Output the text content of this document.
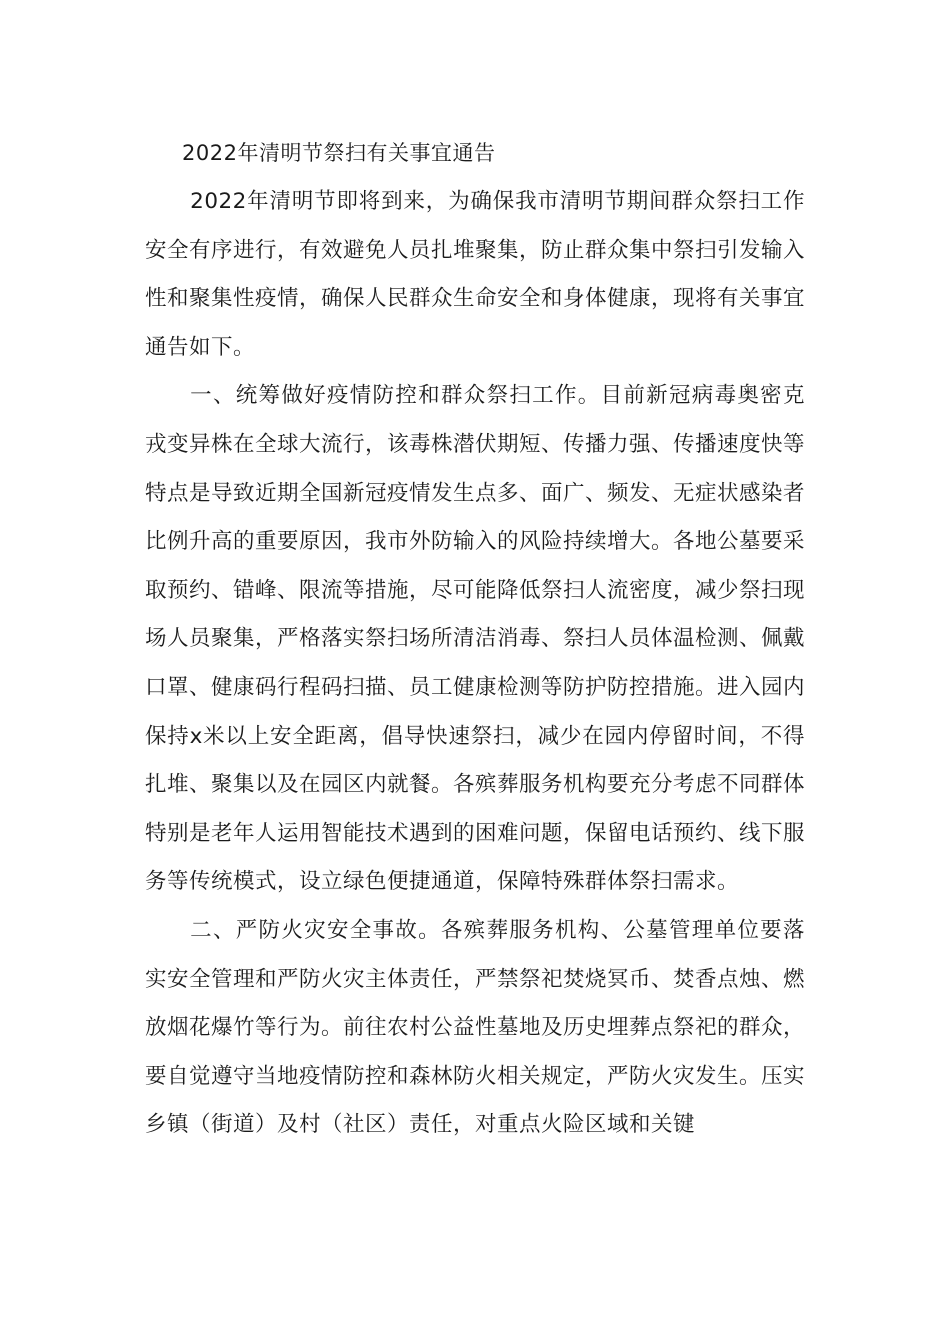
2022年清明节祭扫有关事宜通告

2022年清明节即将到来，为确保我市清明节期间群众祭扫工作安全有序进行，有效避免人员扎堆聚集，防止群众集中祭扫引发输入性和聚集性疫情，确保人民群众生命安全和身体健康，现将有关事宜通告如下。

一、统筹做好疫情防控和群众祭扫工作。目前新冠病毒奥密克戎变异株在全球大流行，该毒株潜伏期短、传播力强、传播速度快等特点是导致近期全国新冠疫情发生点多、面广、频发、无症状感染者比例升高的重要原因，我市外防输入的风险持续增大。各地公墓要采取预约、错峰、限流等措施，尽可能降低祭扫人流密度，减少祭扫现场人员聚集，严格落实祭扫场所清洁消毒、祭扫人员体温检测、佩戴口罩、健康码行程码扫描、员工健康检测等防护防控措施。进入园内保持x米以上安全距离，倡导快速祭扫，减少在园内停留时间，不得扎堆、聚集以及在园区内就餐。各殡葬服务机构要充分考虑不同群体特别是老年人运用智能技术遇到的困难问题，保留电话预约、线下服务等传统模式，设立绿色便捷通道，保障特殊群体祭扫需求。

二、严防火灾安全事故。各殡葬服务机构、公墓管理单位要落实安全管理和严防火灾主体责任，严禁祭祀焚烧冥币、焚香点烛、燃放烟花爆竹等行为。前往农村公益性墓地及历史埋葬点祭祀的群众，要自觉遵守当地疫情防控和森林防火相关规定，严防火灾发生。压实乡镇（街道）及村（社区）责任，对重点火险区域和关键
